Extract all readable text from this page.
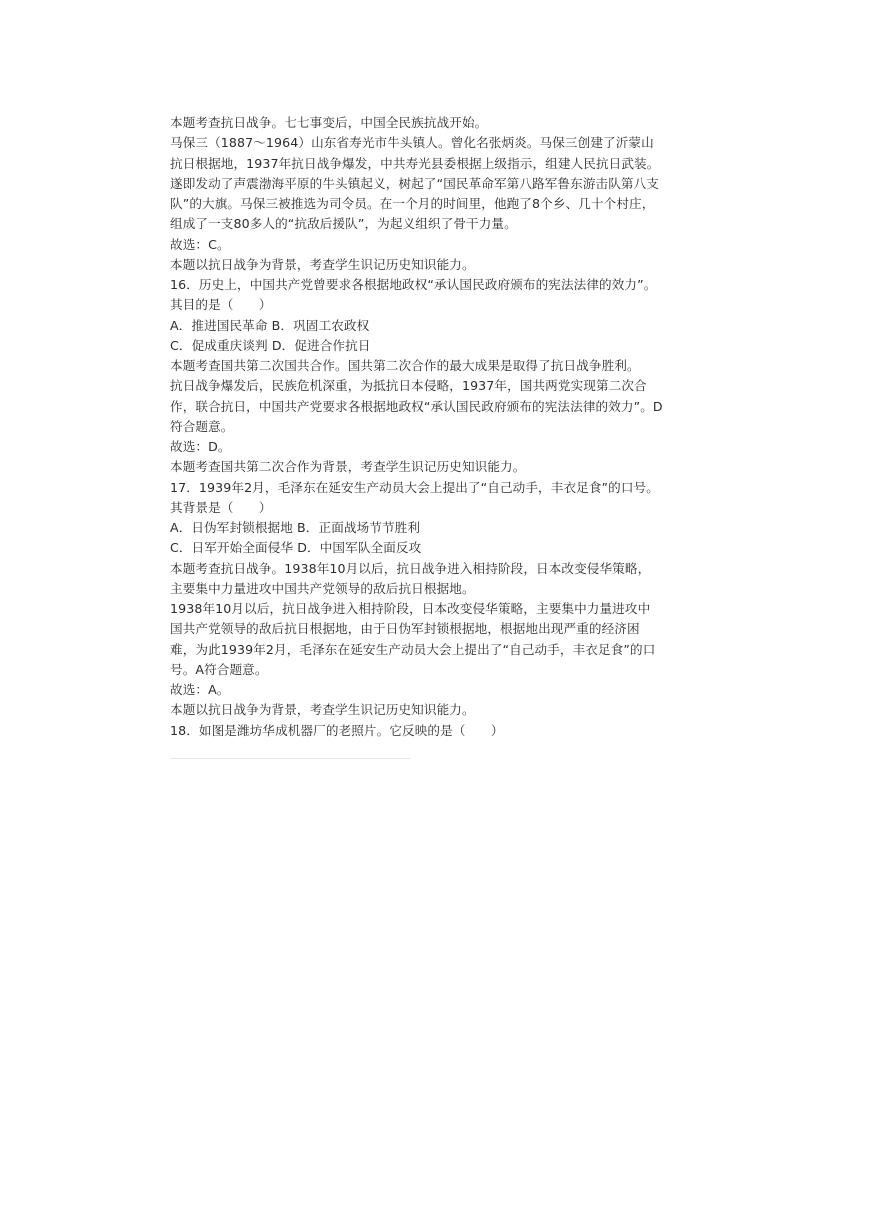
本题考查抗日战争。七七事变后，中国全民族抗战开始。
马保三（1887～1964）山东省寿光市牛头镇人。曾化名张炳炎。马保三创建了沂蒙山
抗日根据地，1937年抗日战争爆发，中共寿光县委根据上级指示，组建人民抗日武装。
遂即发动了声震渤海平原的牛头镇起义，树起了“国民革命军第八路军鲁东游击队第八支
队”的大旗。马保三被推选为司令员。在一个月的时间里，他跑了8个乡、几十个村庄，
组成了一支80多人的“抗敌后援队”，为起义组织了骨干力量。
故选：C。
本题以抗日战争为背景，考查学生识记历史知识能力。
16．历史上，中国共产党曾要求各根据地政权“承认国民政府颁布的宪法法律的效力”。
其目的是（　　）
A．推进国民革命 B．巩固工农政权
C．促成重庆谈判 D．促进合作抗日
本题考查国共第二次国共合作。国共第二次合作的最大成果是取得了抗日战争胜利。
抗日战争爆发后，民族危机深重，为抵抗日本侵略，1937年，国共两党实现第二次合
作，联合抗日，中国共产党要求各根据地政权“承认国民政府颁布的宪法法律的效力”。D
符合题意。
故选：D。
本题考查国共第二次合作为背景，考查学生识记历史知识能力。
17．1939年2月，毛泽东在延安生产动员大会上提出了“自己动手，丰衣足食”的口号。
其背景是（　　）
A．日伪军封锁根据地 B．正面战场节节胜利
C．日军开始全面侵华 D．中国军队全面反攻
本题考查抗日战争。1938年10月以后，抗日战争进入相持阶段，日本改变侵华策略，
主要集中力量进攻中国共产党领导的敌后抗日根据地。
1938年10月以后，抗日战争进入相持阶段，日本改变侵华策略，主要集中力量进攻中
国共产党领导的敌后抗日根据地，由于日伪军封锁根据地，根据地出现严重的经济困
难，为此1939年2月，毛泽东在延安生产动员大会上提出了“自己动手，丰衣足食”的口
号。A符合题意。
故选：A。
本题以抗日战争为背景，考查学生识记历史知识能力。
18．如图是潍坊华成机器厂的老照片。它反映的是（　　）
